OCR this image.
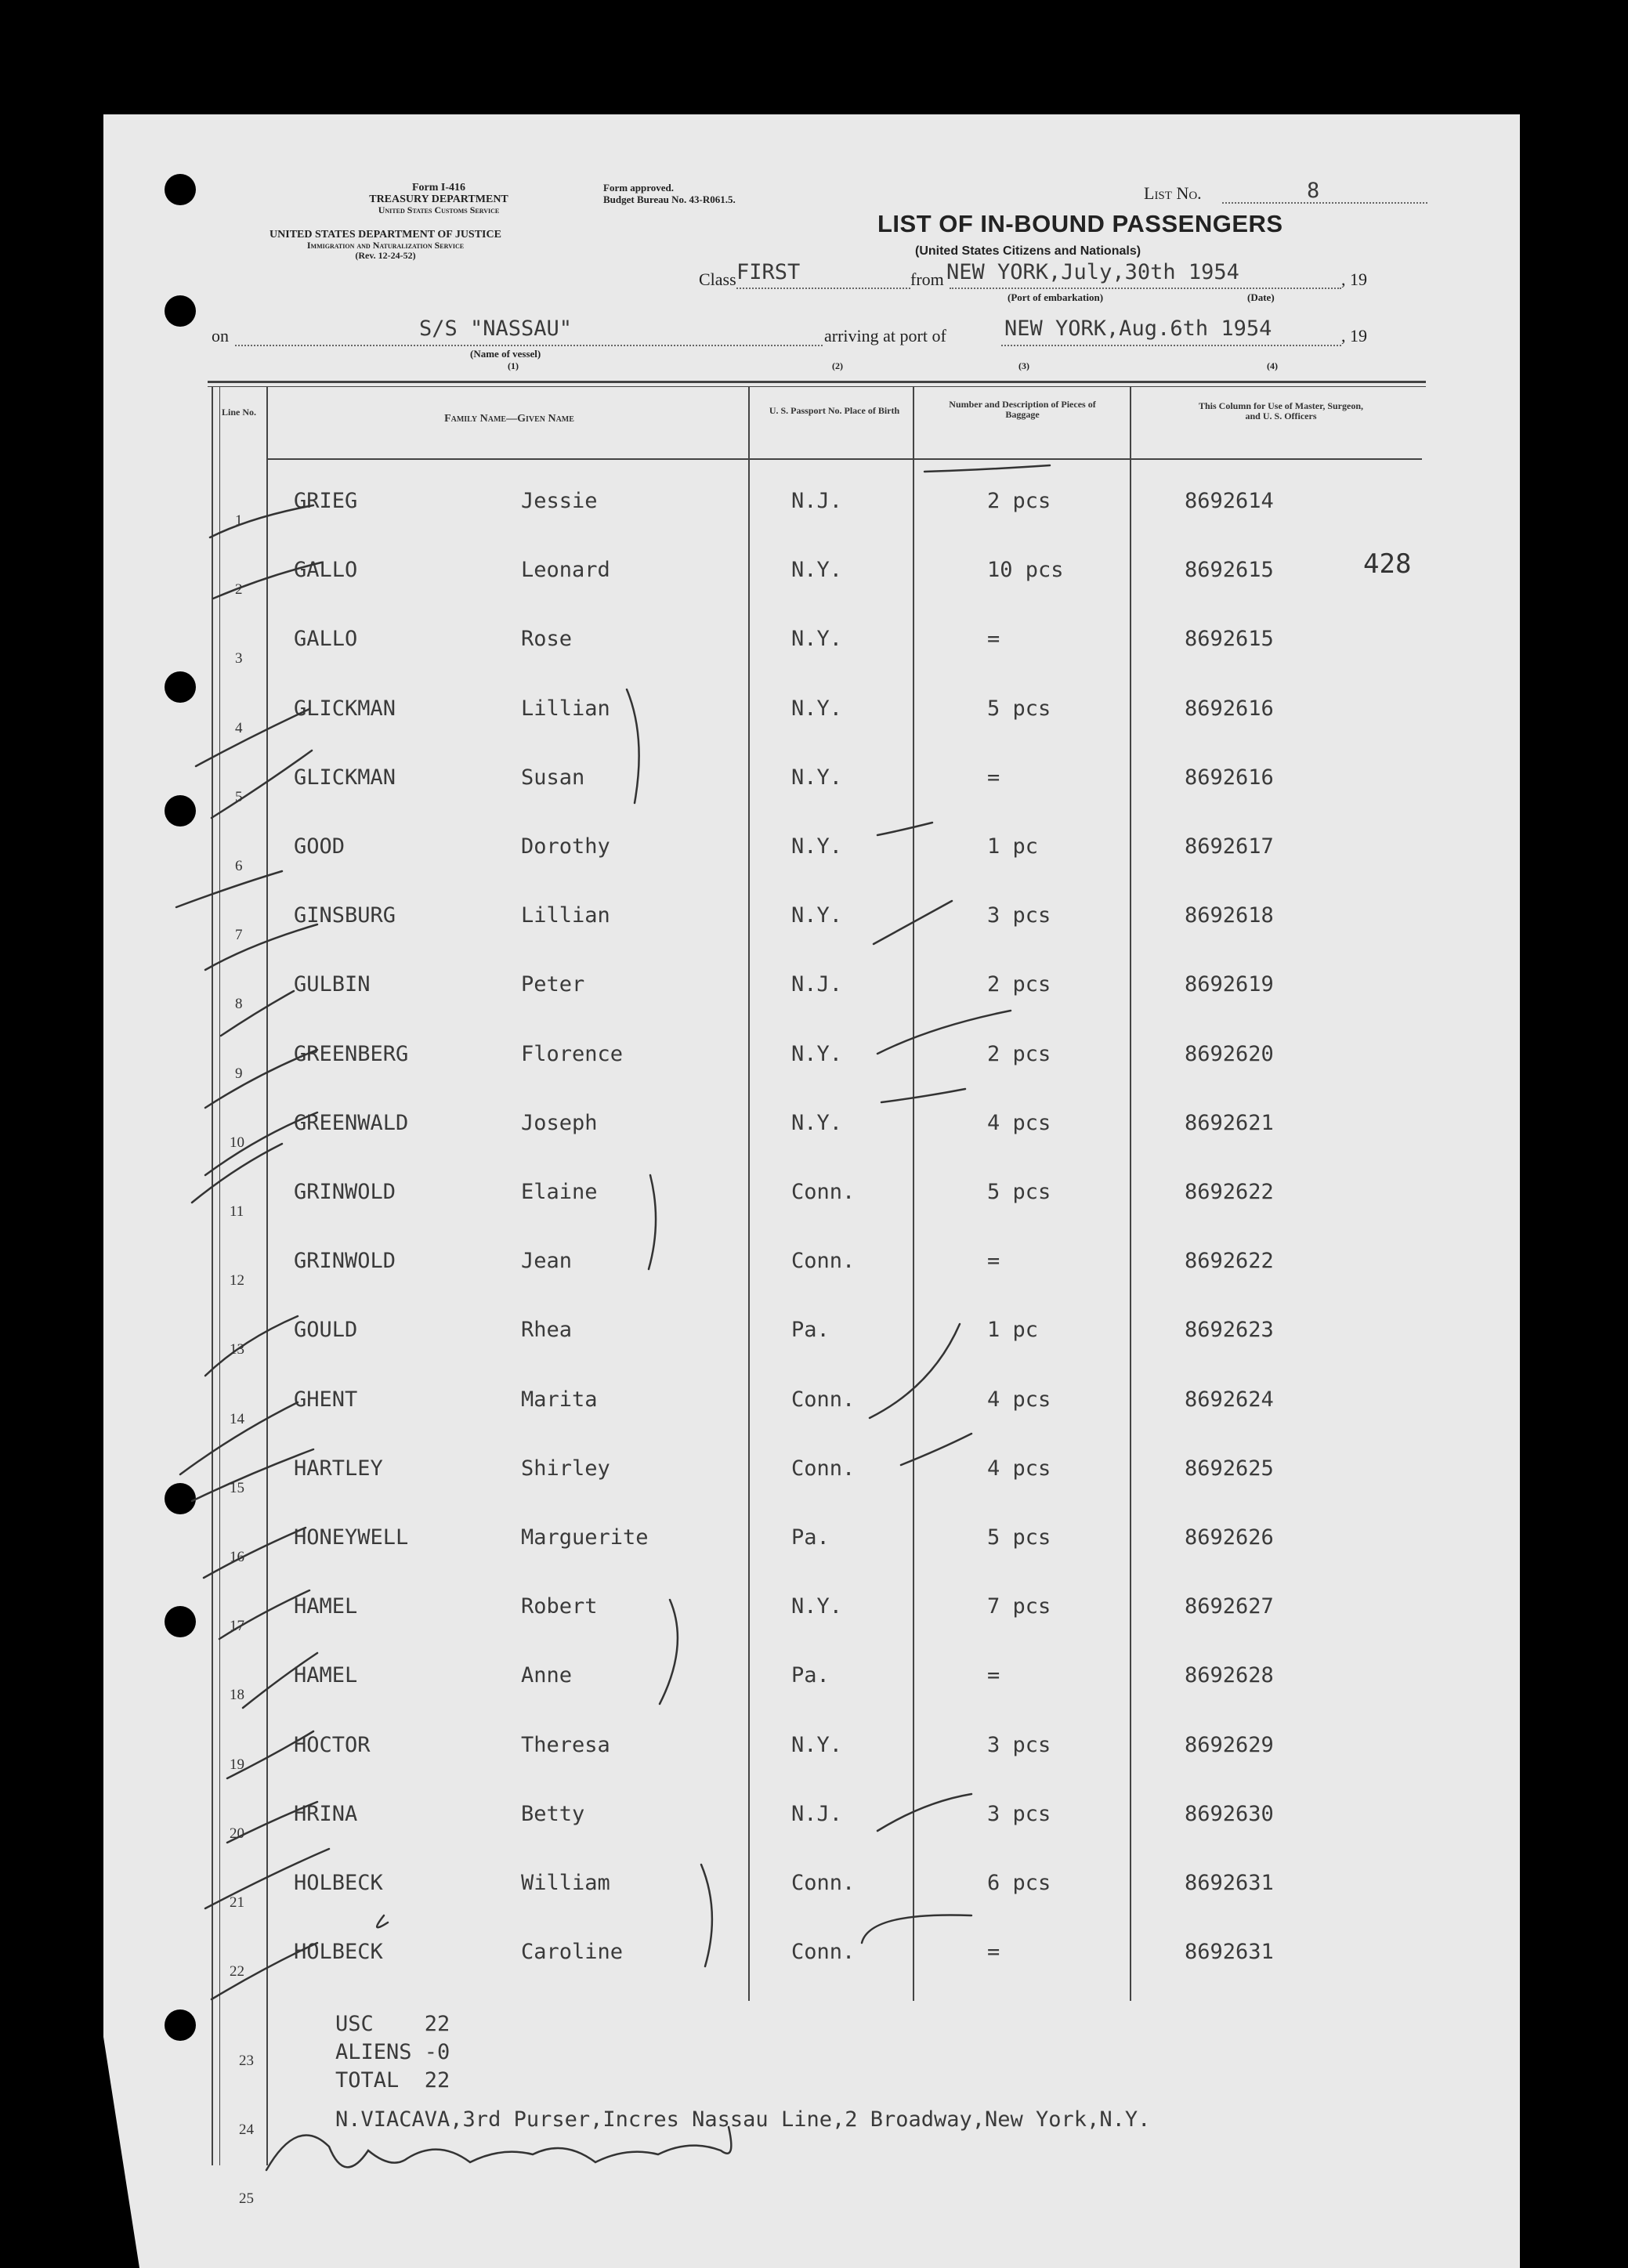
Form I-416
TREASURY DEPARTMENT
United States Customs Service
UNITED STATES DEPARTMENT OF JUSTICE
Immigration and Naturalization Service
(Rev. 12-24-52)
Form approved.
Budget Bureau No. 43-R061.5.	List No.	8
LIST OF IN-BOUND PASSENGERS
(United States Citizens and Nationals)
Class FIRST	from NEW YORK,July,30th 1954	, 19
(Port of embarkation)	(Date)
on	S/S "NASSAU"
(Name of vessel)
(1)
arriving at port of	NEW YORK,Aug.6th 1954	, 19
(2)	(3)	(4)
Line No.
Family Name—Given Name
U. S. Passport No. Place of Birth
Number and Description of Pieces of Baggage
This Column for Use of Master, Surgeon, and U. S. Officers
1
GRIEG	Jessie	N.J.	2 pcs	8692614
2
GALLO	Leonard	N.Y.	10 pcs	8692615
3
GALLO	Rose	N.Y.	=	8692615
4
GLICKMAN	Lillian	N.Y.	5 pcs	8692616
5
GLICKMAN	Susan	N.Y.	=	8692616
6
GOOD	Dorothy	N.Y.	1 pc	8692617
7
GINSBURG	Lillian	N.Y.	3 pcs	8692618
8
GULBIN	Peter	N.J.	2 pcs	8692619
9
GREENBERG	Florence	N.Y.	2 pcs	8692620
10
GREENWALD	Joseph	N.Y.	4 pcs	8692621
11
GRINWOLD	Elaine	Conn.	5 pcs	8692622
12
GRINWOLD	Jean	Conn.	=	8692622
13
GOULD	Rhea	Pa.	1 pc	8692623
14
GHENT	Marita	Conn.	4 pcs	8692624
15
HARTLEY	Shirley	Conn.	4 pcs	8692625
16
HONEYWELL	Marguerite	Pa.	5 pcs	8692626
17
HAMEL	Robert	N.Y.	7 pcs	8692627
18
HAMEL	Anne	Pa.	=	8692628
19
HOCTOR	Theresa	N.Y.	3 pcs	8692629
20
HRINA	Betty	N.J.	3 pcs	8692630
21
HOLBECK	William	Conn.	6 pcs	8692631
22
HOLBECK	Caroline	Conn.	=	8692631
428
23
24
25
USC    22
ALIENS -0
TOTAL  22
N.VIACAVA,3rd Purser,Incres Nassau Line,2 Broadway,New York,N.Y.
